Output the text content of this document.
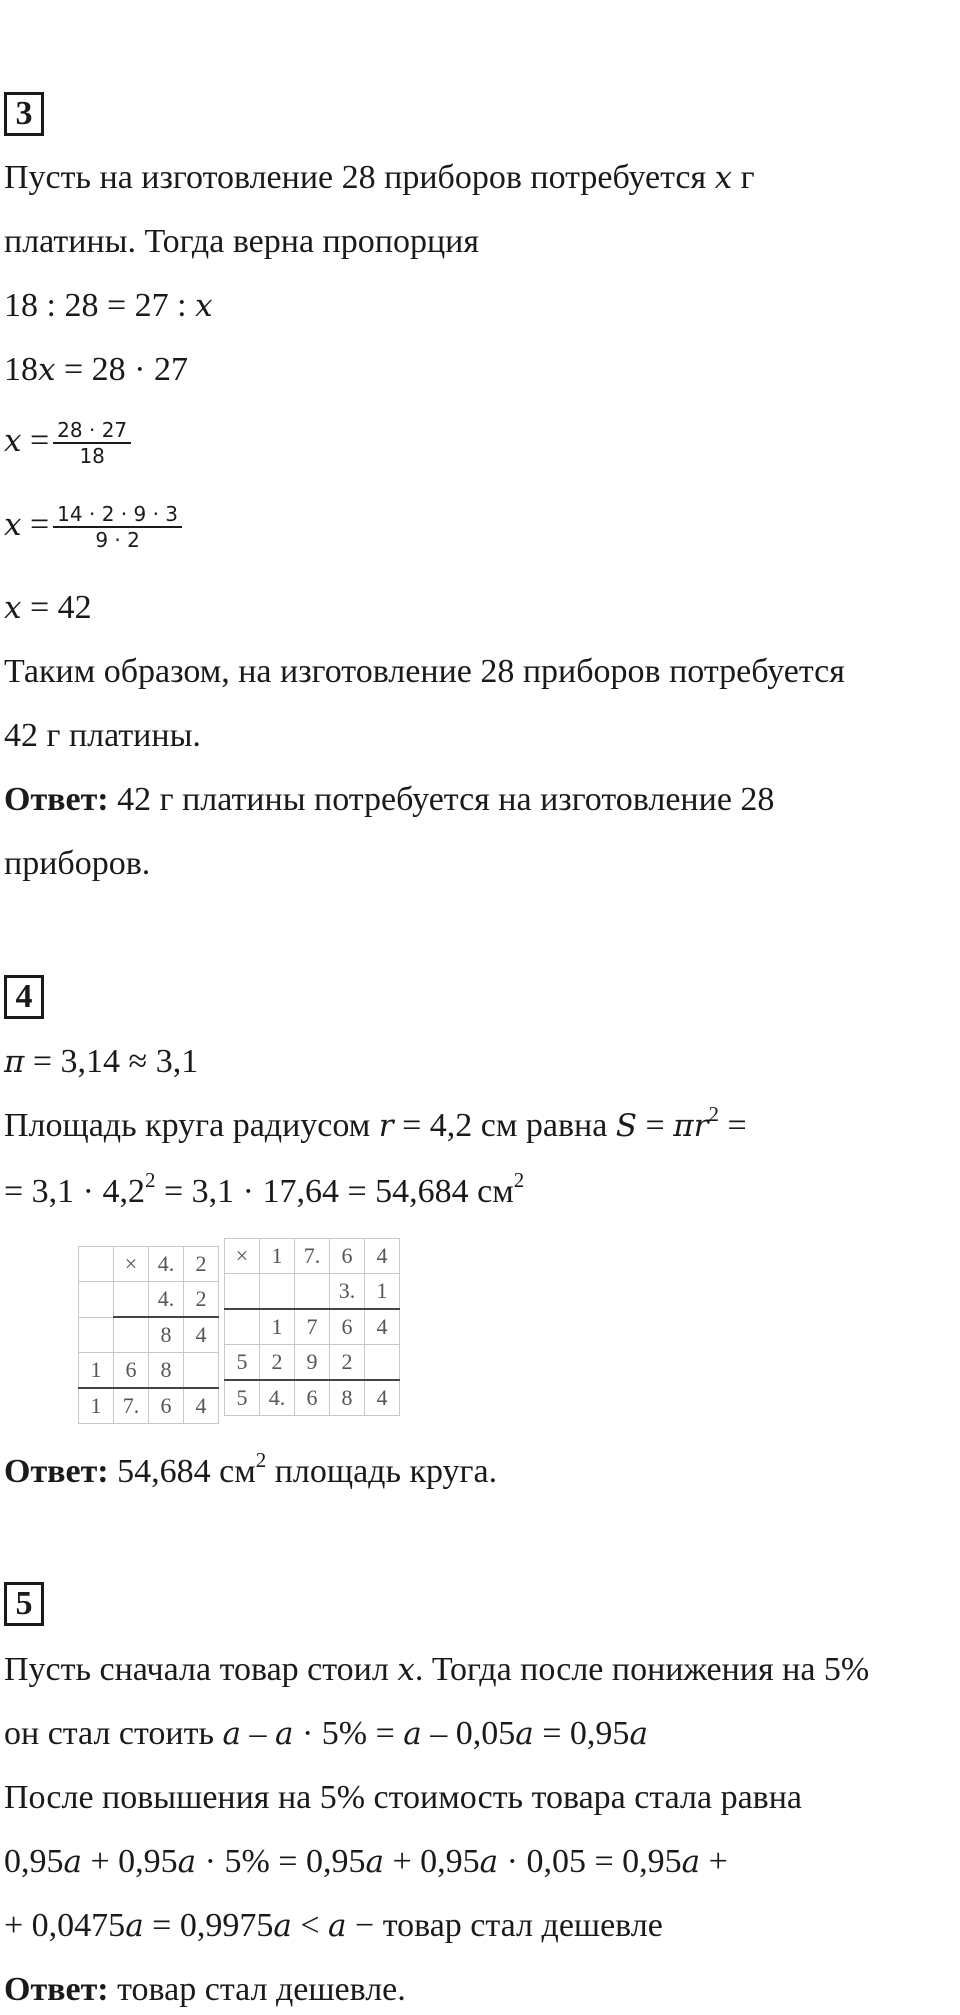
3
Пусть на изготовление 28 приборов потребуется x г
платины. Тогда верна пропорция
18 : 28 = 27 : x
18x = 28 · 27
$x = \frac{28 \cdot 27}{18}$
$x = \frac{14 \cdot 2 \cdot 9 \cdot 3}{9 \cdot 2}$
x = 42
Таким образом, на изготовление 28 приборов потребуется
42 г платины.
Ответ: 42 г платины потребуется на изготовление 28
приборов.
4
π = 3,14 ≈ 3,1
Площадь круга радиусом r = 4,2 см равна $S = \pi r^2$ =
= $3,1 \cdot 4,2^2 = 3,1 \cdot 17,64 = 54,684$ $см^2$
	×	4.	2
		4.	2
		8	4
1	6	8	
1	7.	6	4
×	1	7.	6	4
			3.	1
	1	7	6	4
5	2	9	2	
5	4.	6	8	4
Ответ: 54,684 $см^2$ площадь круга.
5
Пусть сначала товар стоил x. Тогда после понижения на 5%
он стал стоить a – a · 5% = a – 0,05a = 0,95a
После повышения на 5% стоимость товара стала равна
0,95a + 0,95a · 5% = 0,95a + 0,95a · 0,05 = 0,95a +
+ 0,0475a = 0,9975a < a − товар стал дешевле
Ответ: товар стал дешевле.
